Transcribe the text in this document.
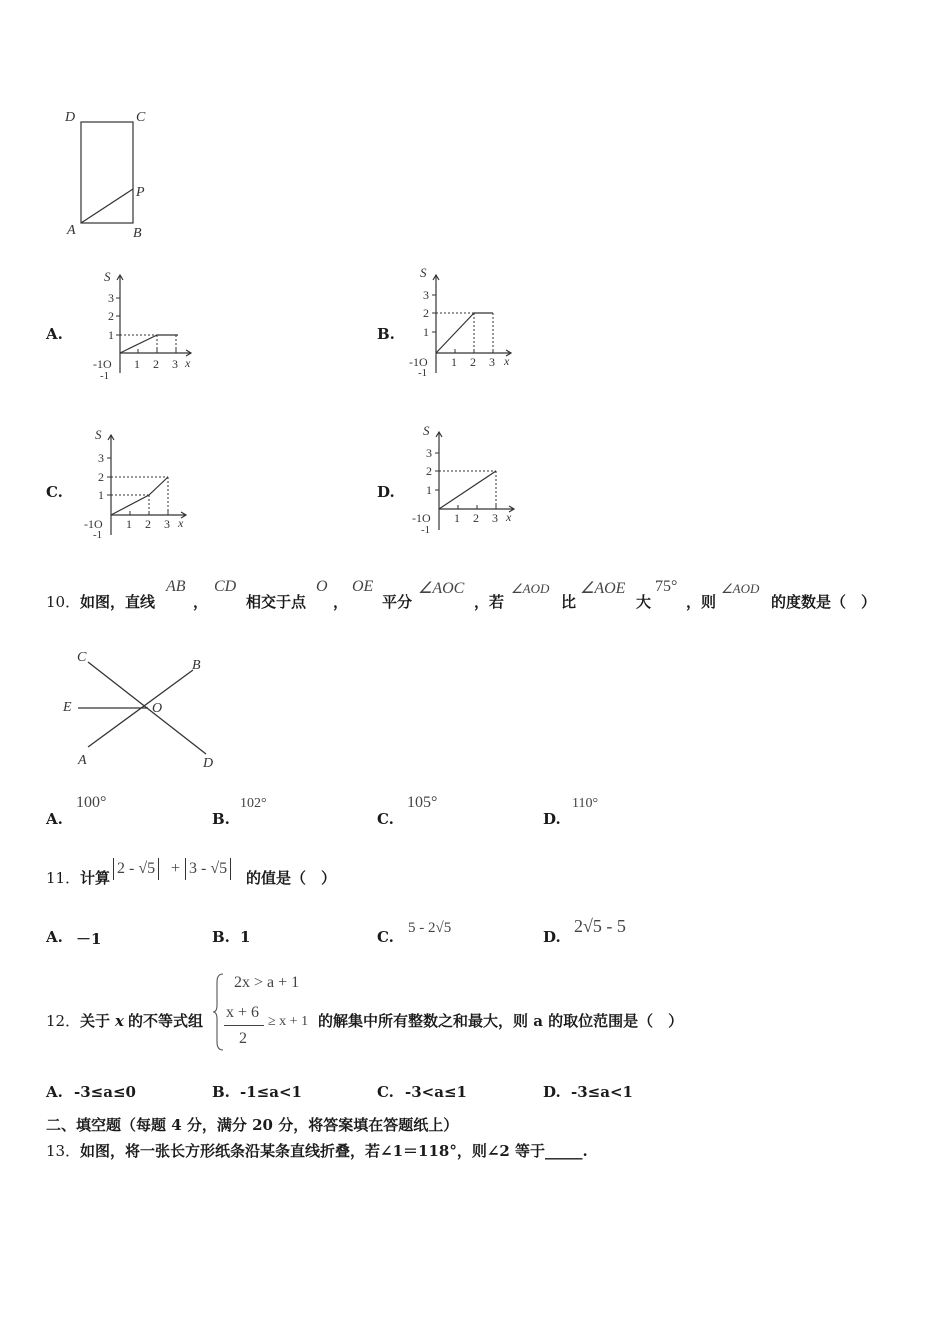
D	C
P
A	B
A.	B.
C.	D.
S
3
2
1
-1O
-1
1 2 3 x
S
3
2
1
-1O
-1
1 2 3 x
S
3
2
1
-1O
-1
1 2 3 x
S
3
2
1
-1O
-1
1 2 3 x
10． 如图，直线
AB
，
CD
相交于点
O
，
OE
平分
∠AOC
，若
∠AOD
比
∠AOE
大
75°
，则
∠AOD
的度数是（　）
C
B
E	O
A	D
A.
100°
B.
102°
C.
105°
D.
110°
11． 计算
2 - √5 + 3 - √5
的值是（　）
A. －1	B. 1	C. 5 - 2√5	D.
2√5 - 5
12． 关于 x 的不等式组
2x > a + 1
x + 6
2
≥ x + 1 的解集中所有整数之和最大，则 a 的取位范围是（　）
A. -3≤a≤0	B. -1≤a<1	C. -3<a≤1	D. -3≤a<1
二、填空题（每题 4 分，满分 20 分，将答案填在答题纸上）
13． 如图，将一张长方形纸条沿某条直线折叠，若∠1＝118°，则∠2 等于_____.
